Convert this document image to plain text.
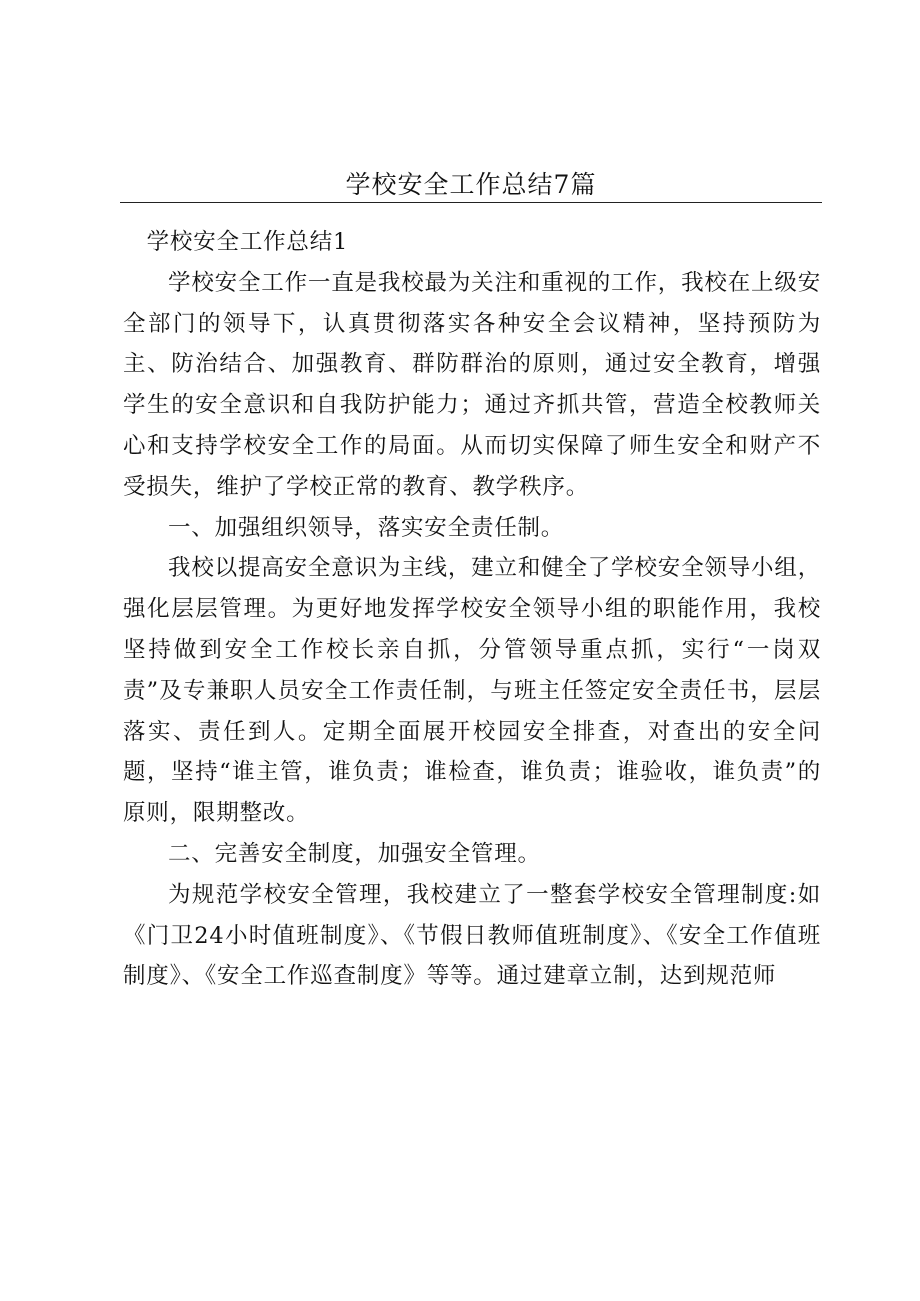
学校安全工作总结7篇

学校安全工作总结1

学校安全工作一直是我校最为关注和重视的工作，我校在上级安全部门的领导下，认真贯彻落实各种安全会议精神，坚持预防为主、防治结合、加强教育、群防群治的原则，通过安全教育，增强学生的安全意识和自我防护能力；通过齐抓共管，营造全校教师关心和支持学校安全工作的局面。从而切实保障了师生安全和财产不受损失，维护了学校正常的教育、教学秩序。

一、加强组织领导，落实安全责任制。

我校以提高安全意识为主线，建立和健全了学校安全领导小组，强化层层管理。为更好地发挥学校安全领导小组的职能作用，我校坚持做到安全工作校长亲自抓，分管领导重点抓，实行“一岗双责”及专兼职人员安全工作责任制，与班主任签定安全责任书，层层落实、责任到人。定期全面展开校园安全排查，对查出的安全问题，坚持“谁主管，谁负责；谁检查，谁负责；谁验收，谁负责”的原则，限期整改。

二、完善安全制度，加强安全管理。

为规范学校安全管理，我校建立了一整套学校安全管理制度:如《门卫24小时值班制度》、《节假日教师值班制度》、《安全工作值班制度》、《安全工作巡查制度》等等。通过建章立制，达到规范师
